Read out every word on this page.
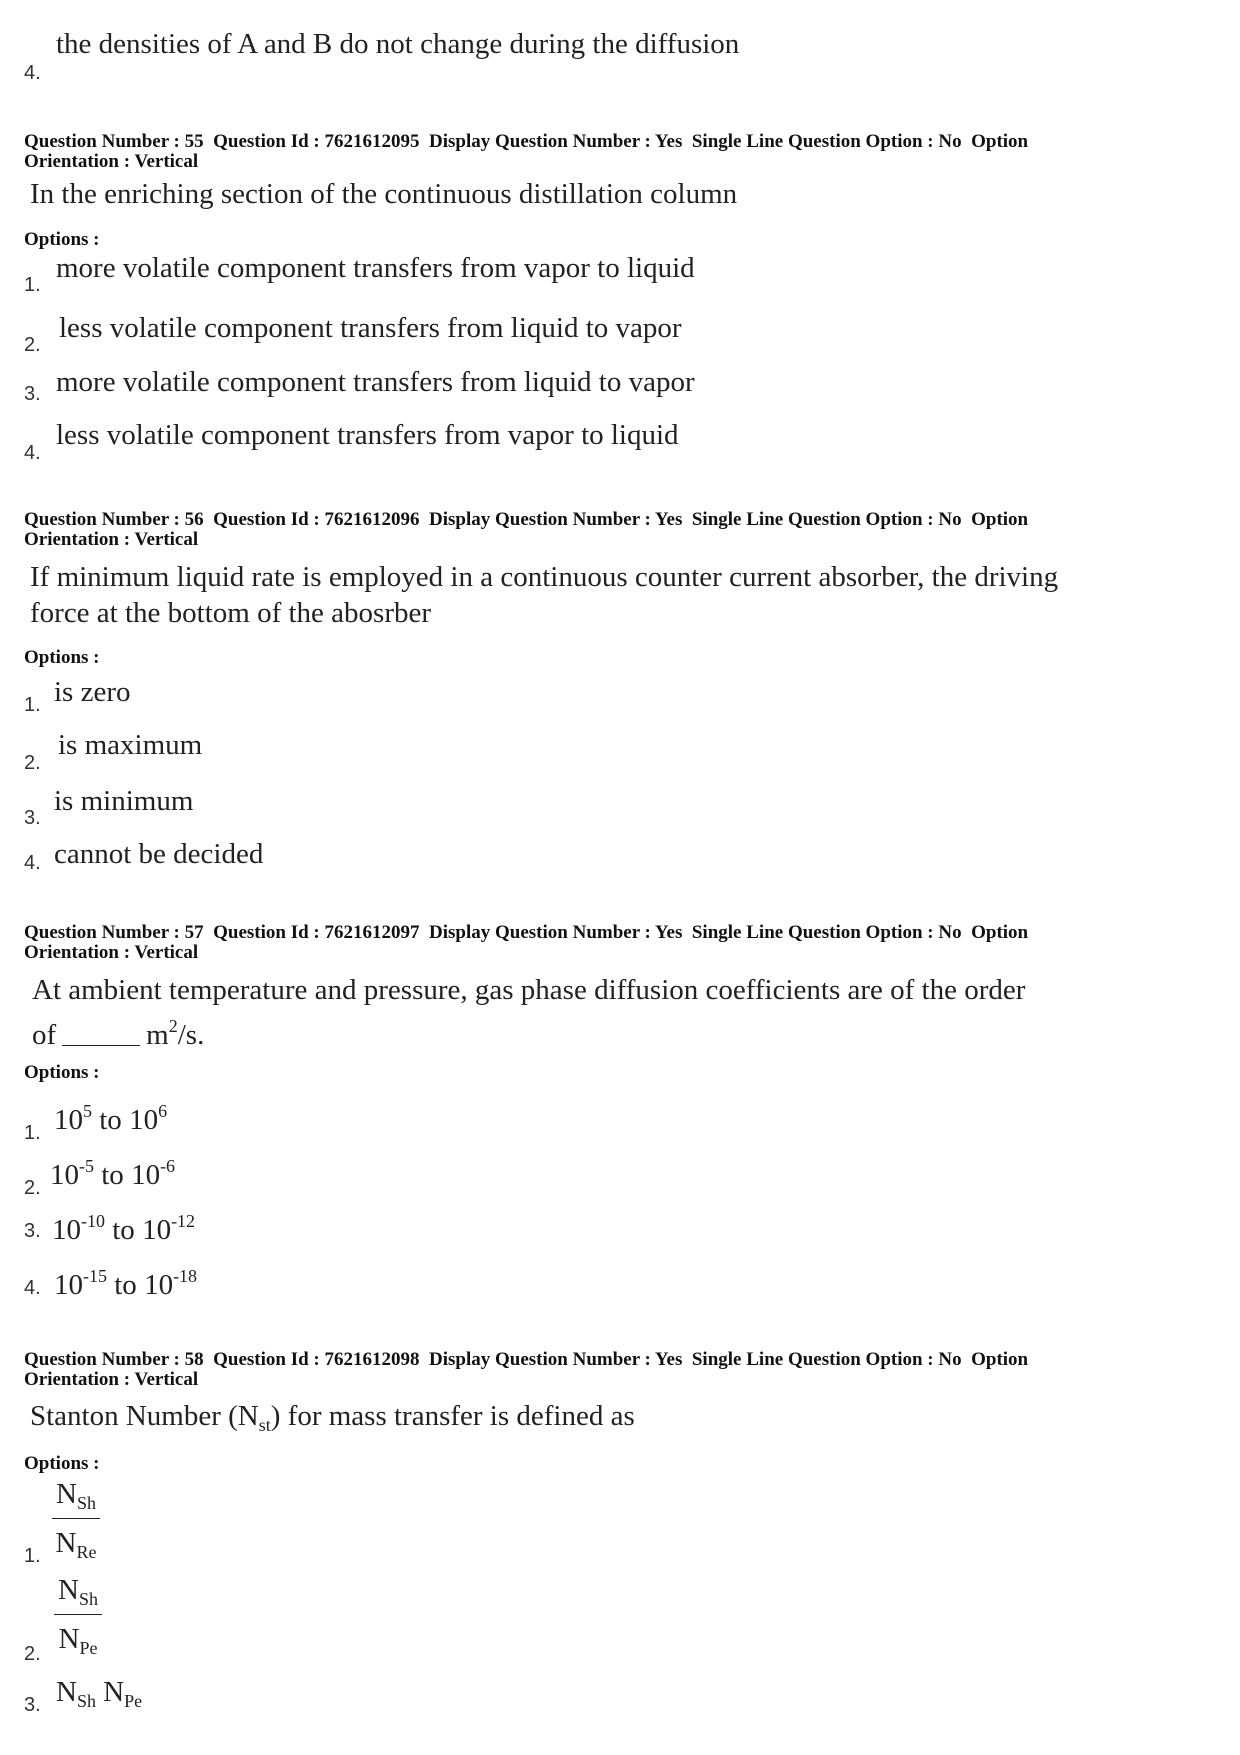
the densities of A and B do not change during the diffusion
4.
Question Number : 55  Question Id : 7621612095  Display Question Number : Yes  Single Line Question Option : No  Option
Orientation : Vertical
In the enriching section of the continuous distillation column
Options :
1.
more volatile component transfers from vapor to liquid
2.
less volatile component transfers from liquid to vapor
3. more volatile component transfers from liquid to vapor
4.
less volatile component transfers from vapor to liquid
Question Number : 56  Question Id : 7621612096  Display Question Number : Yes  Single Line Question Option : No  Option
Orientation : Vertical
If minimum liquid rate is employed in a continuous counter current absorber, the driving
force at the bottom of the abosrber
Options :
1. is zero
2.
is maximum
3.
is minimum
4. cannot be decided
Question Number : 57  Question Id : 7621612097  Display Question Number : Yes  Single Line Question Option : No  Option
Orientation : Vertical
At ambient temperature and pressure, gas phase diffusion coefficients are of the order
of	$m^2/s$.
Options :
1. $10^5$ to $10^6$
2. $10^{-5}$ to $10^{-6}$
3. $10^{-10}$ to $10^{-12}$
4. $10^{-15}$ to $10^{-18}$
Question Number : 58  Question Id : 7621612098  Display Question Number : Yes  Single Line Question Option : No  Option
Orientation : Vertical
Stanton Number $(N_{st})$ for mass transfer is defined as
Options :
1. $\frac{N_{Sh}}{N_{Re}}$
2. $\frac{N_{Sh}}{N_{Pe}}$
3. $N_{Sh}$ $N_{Pe}$
